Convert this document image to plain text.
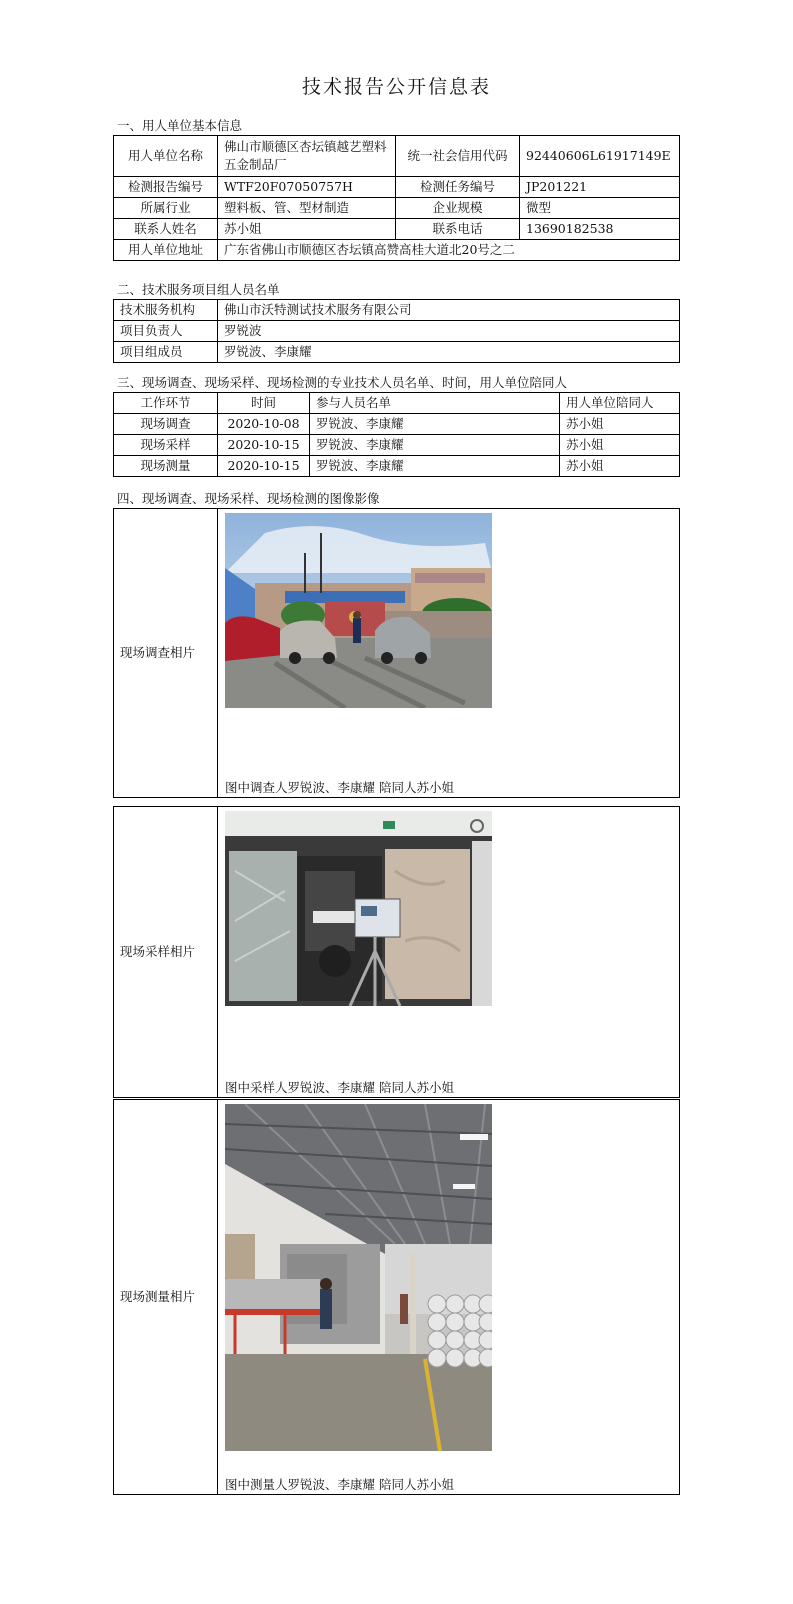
技术报告公开信息表
一、用人单位基本信息
用人单位名称	佛山市顺德区杏坛镇越艺塑料五金制品厂	统一社会信用代码	92440606L61917149E
检测报告编号	WTF20F07050757H	检测任务编号	JP201221
所属行业	塑料板、管、型材制造	企业规模	微型
联系人姓名	苏小姐	联系电话	13690182538
用人单位地址	广东省佛山市顺德区杏坛镇高赞高桂大道北20号之二		
二、技术服务项目组人员名单
技术服务机构	佛山市沃特测试技术服务有限公司
项目负责人	罗锐波
项目组成员	罗锐波、李康耀
三、现场调查、现场采样、现场检测的专业技术人员名单、时间，用人单位陪同人
工作环节	时间	参与人员名单	用人单位陪同人
现场调查	2020-10-08	罗锐波、李康耀	苏小姐
现场采样	2020-10-15	罗锐波、李康耀	苏小姐
现场测量	2020-10-15	罗锐波、李康耀	苏小姐
四、现场调查、现场采样、现场检测的图像影像
现场调查相片	
图中调查人罗锐波、李康耀 陪同人苏小姐
现场采样相片	
图中采样人罗锐波、李康耀 陪同人苏小姐
现场测量相片	
图中测量人罗锐波、李康耀 陪同人苏小姐
